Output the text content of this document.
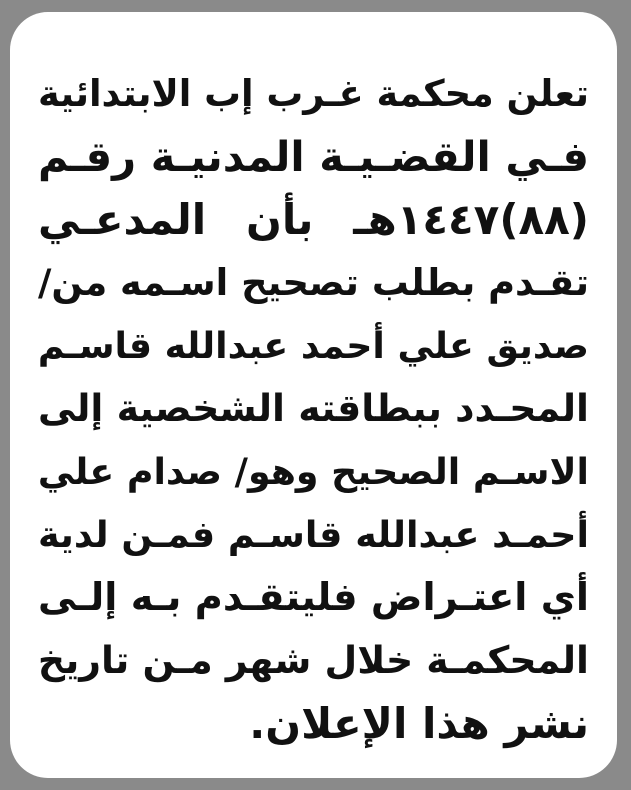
تعلن محكمة غـرب إب الابتدائية
فـي القضـيـة المدنيـة رقـم
(٨٨)١٤٤٧هـ بأن المدعـي
تقـدم بطلب تصحيح اسـمه من/
صديق علي أحمد عبدالله قاسـم
المحـدد ببطاقته الشخصية إلى
الاسـم الصحيح وهو/ صدام علي
أحمـد عبدالله قاسـم فمـن لدية
أي اعتـراض فليتقـدم بـه إلـى
المحكمـة خلال شهر مـن تاريخ
نشر هذا الإعلان.
